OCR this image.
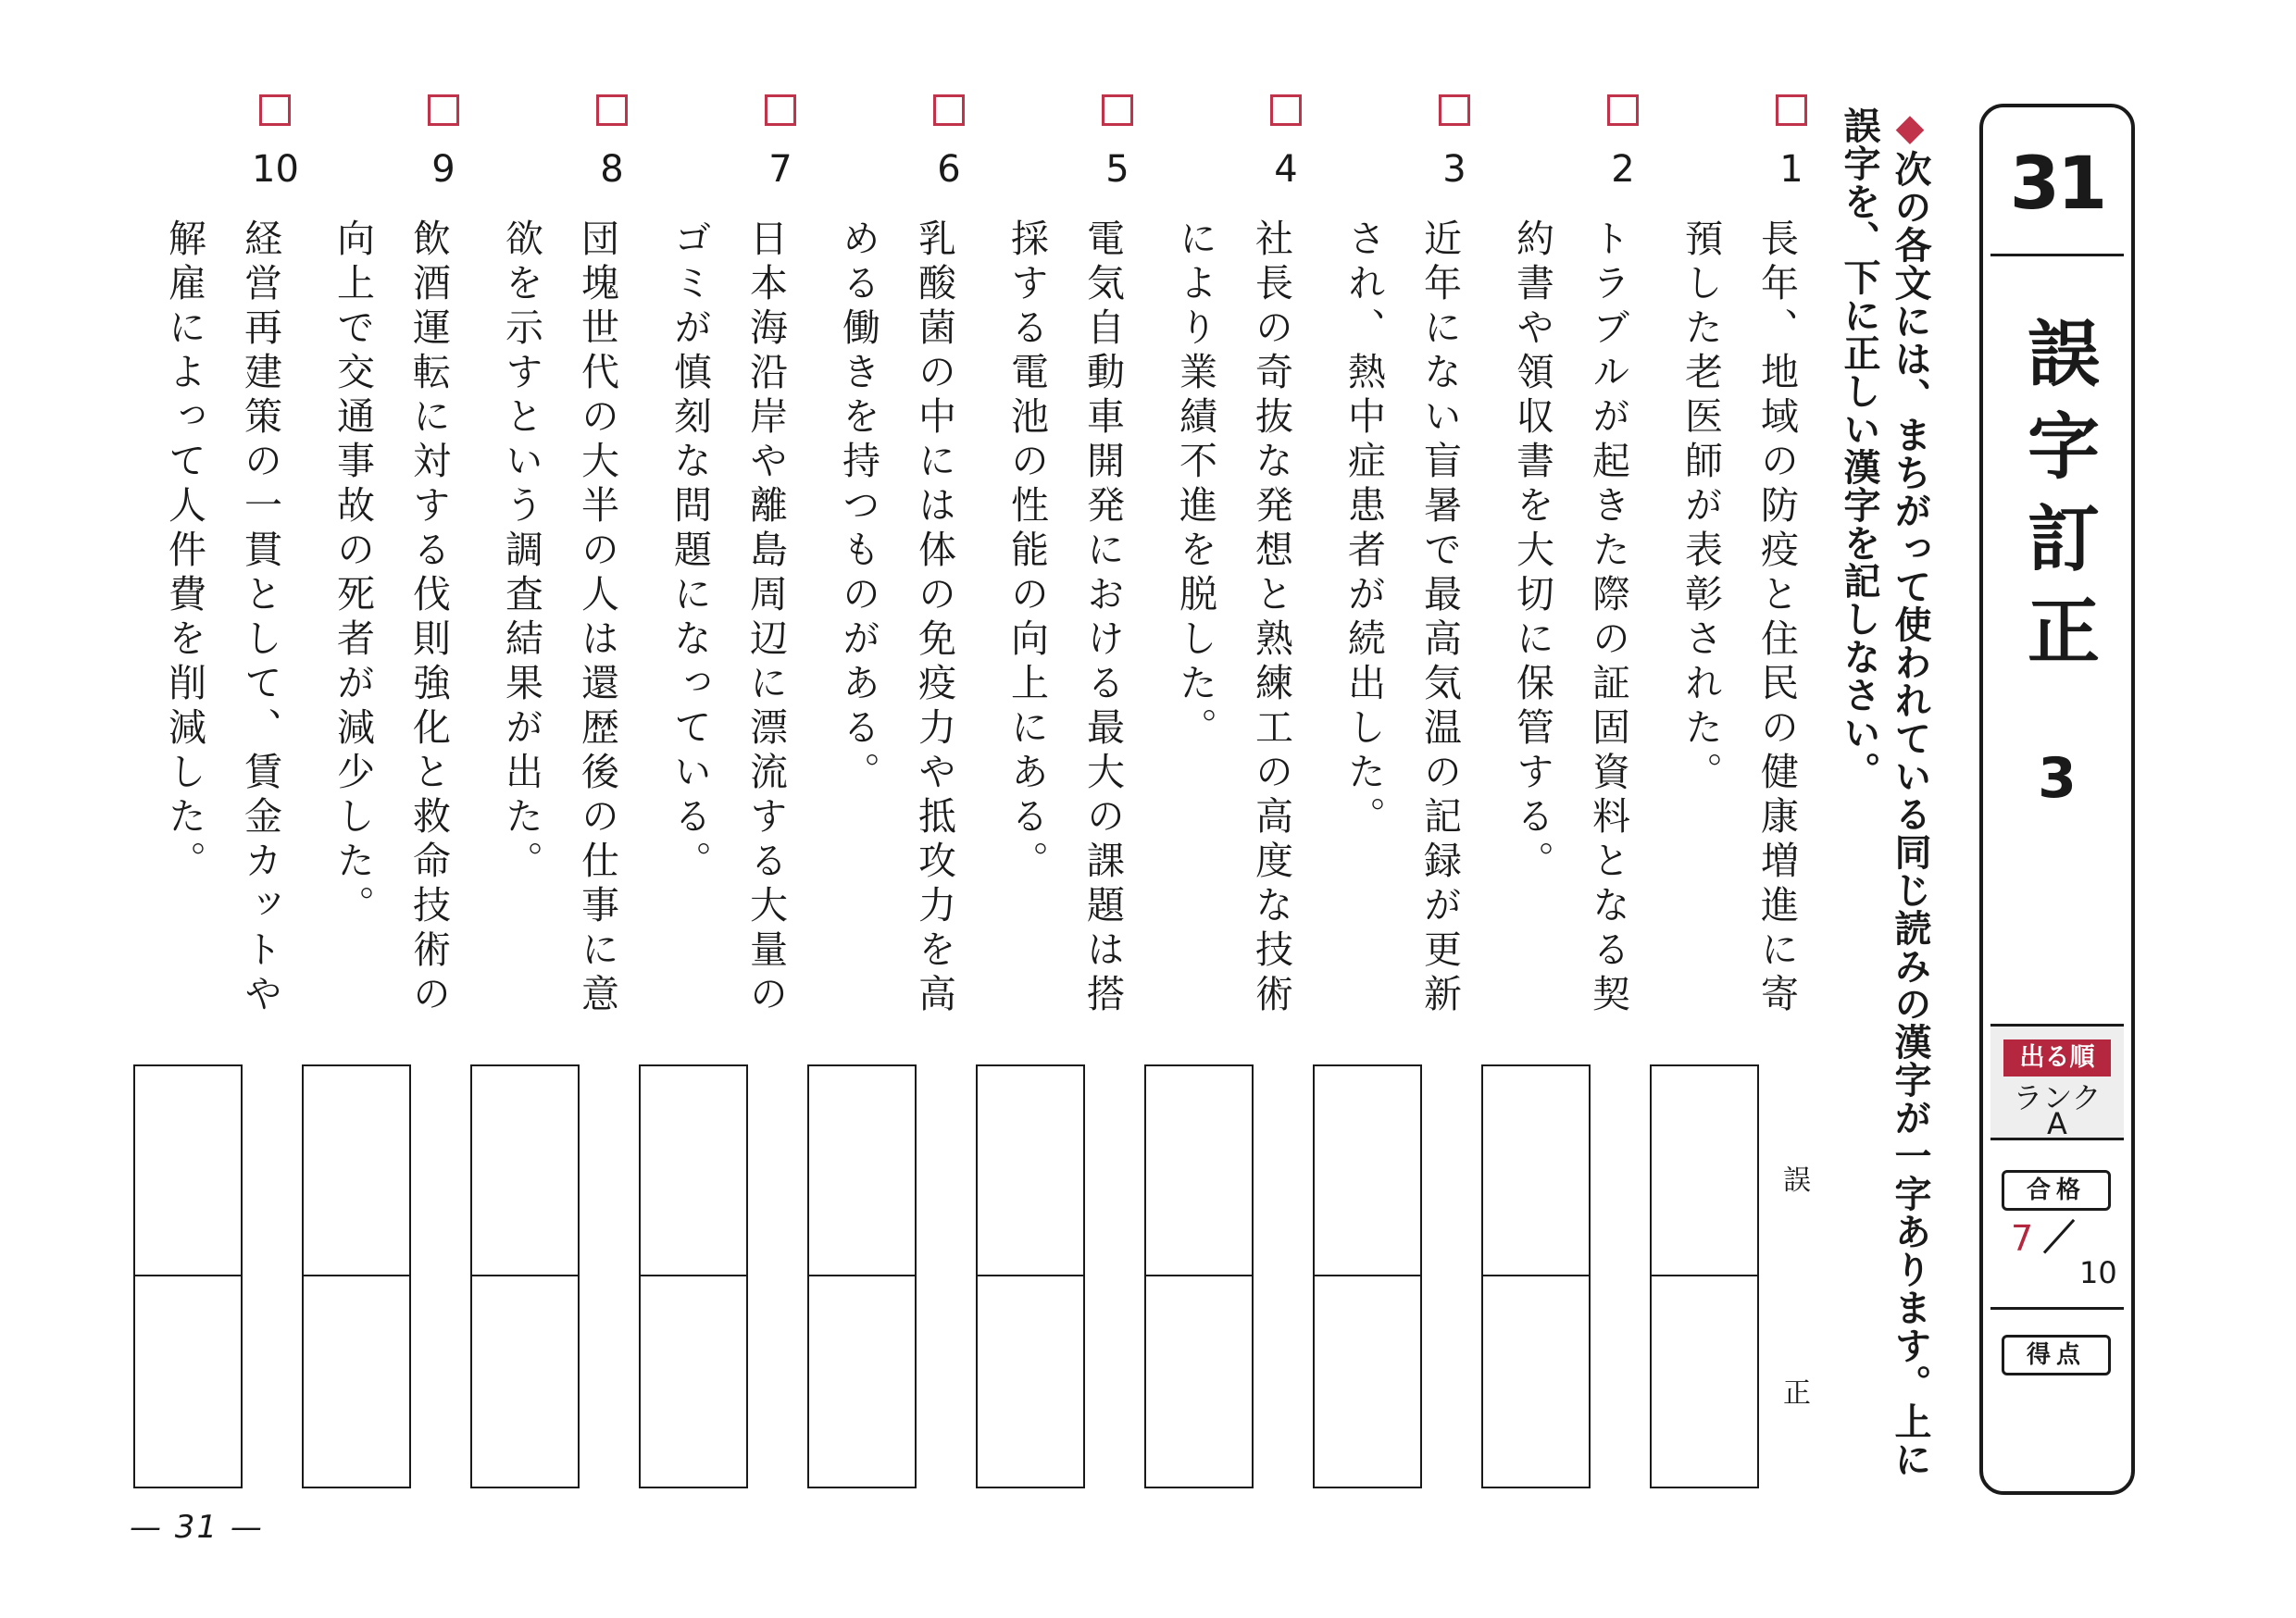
31
誤字訂正
3
出る順
ランク
A
合格
7
10
得点
◆次の各文には、まちがって使われている同じ読みの漢字が一字あります。上に誤字を、下に正しい漢字を記しなさい。
1
長年、地域の防疫と住民の健康増進に寄
預した老医師が表彰された。
2
トラブルが起きた際の証固資料となる契
約書や領収書を大切に保管する。
3
近年にない盲暑で最高気温の記録が更新
され、熱中症患者が続出した。
4
社長の奇抜な発想と熟練工の高度な技術
により業績不進を脱した。
5
電気自動車開発における最大の課題は搭
採する電池の性能の向上にある。
6
乳酸菌の中には体の免疫力や抵攻力を高
める働きを持つものがある。
7
日本海沿岸や離島周辺に漂流する大量の
ゴミが慎刻な問題になっている。
8
団塊世代の大半の人は還歴後の仕事に意
欲を示すという調査結果が出た。
9
飲酒運転に対する伐則強化と救命技術の
向上で交通事故の死者が減少した。
10
経営再建策の一貫として、賃金カットや
解雇によって人件費を削減した。
誤
正
— 31 —
